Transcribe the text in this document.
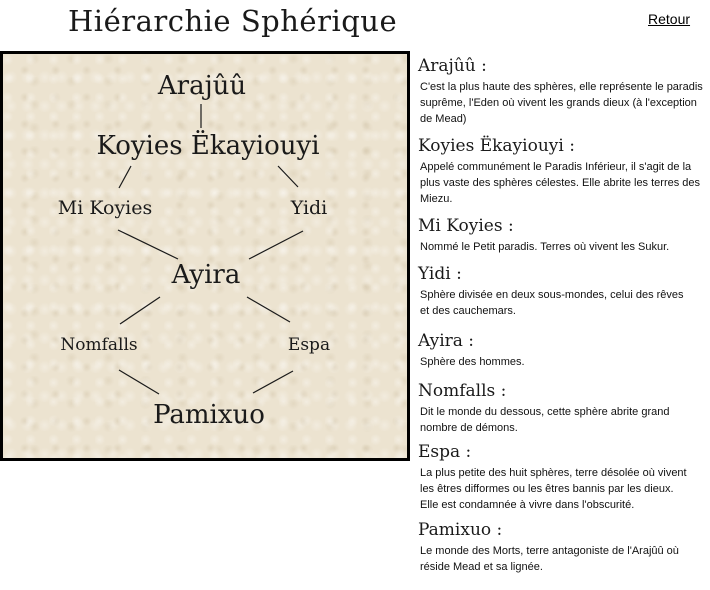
Hiérarchie Sphérique	Retour
Arajûû
Koyies Ëkayiouyi
Mi Koyies	Yidi
Ayira
Nomfalls	Espa
Pamixuo
Arajûû :
C'est la plus haute des sphères, elle représente le paradis suprême, l'Eden où vivent les grands dieux (à l'exception de Mead)
Koyies Ëkayiouyi :
Appelé communément le Paradis Inférieur, il s'agit de la plus vaste des sphères célestes. Elle abrite les terres des Miezu.
Mi Koyies :
Nommé le Petit paradis. Terres où vivent les Sukur.
Yidi :
Sphère divisée en deux sous-mondes, celui des rêves
et des cauchemars.
Ayira :
Sphère des hommes.
Nomfalls :
Dit le monde du dessous, cette sphère abrite grand nombre de démons.
Espa :
La plus petite des huit sphères, terre désolée où vivent
les êtres difformes ou les êtres bannis par les dieux.
Elle est condamnée à vivre dans l'obscurité.
Pamixuo :
Le monde des Morts, terre antagoniste de l'Arajûû où
réside Mead et sa lignée.
